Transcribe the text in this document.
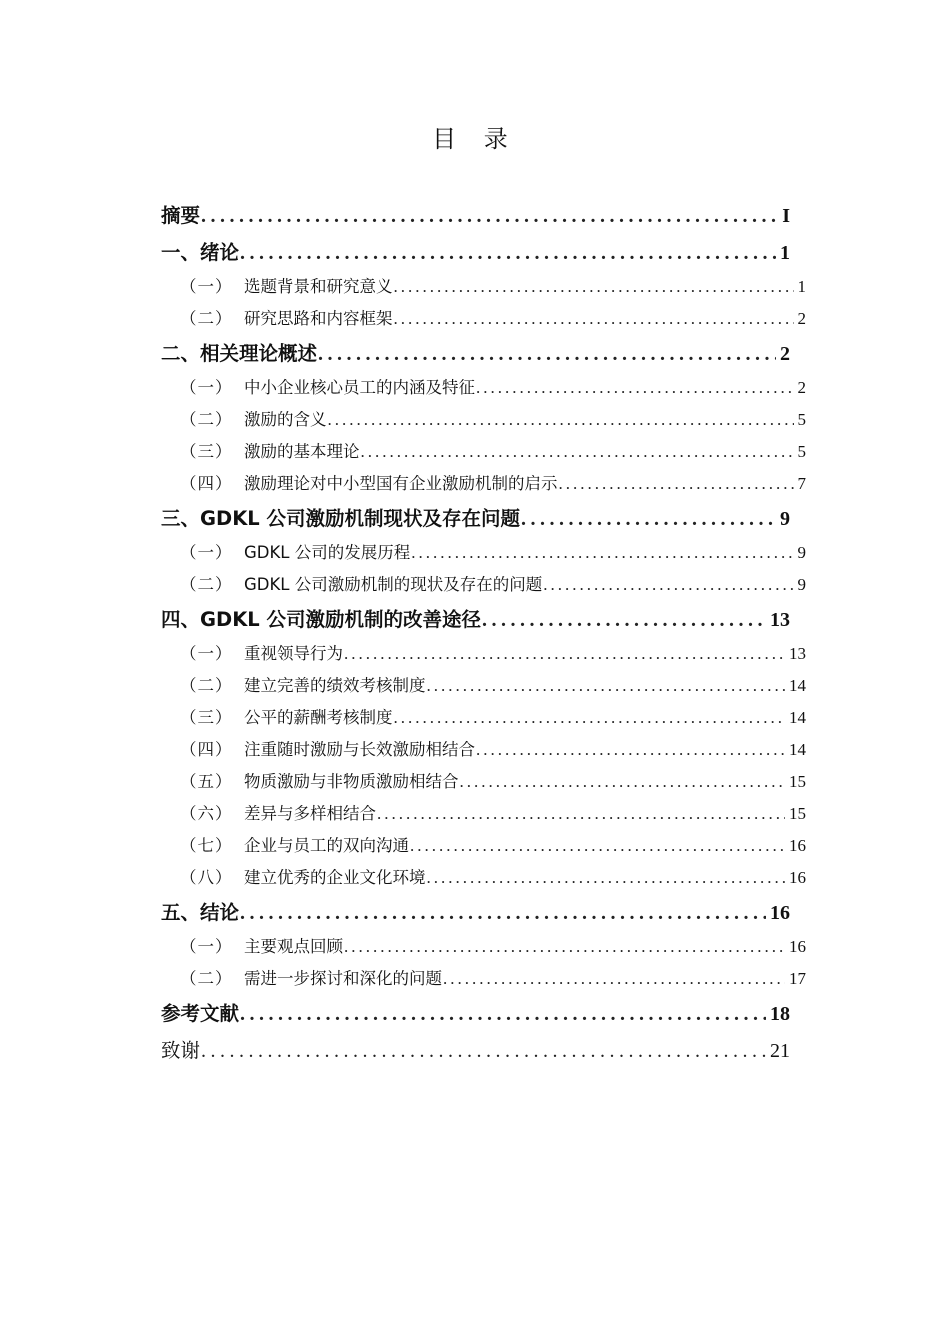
目 录
摘要 .....	I
一、绪论 .....	1
（一） 选题背景和研究意义 .....	1
（二） 研究思路和内容框架 .....	2
二、相关理论概述 .....	2
（一） 中小企业核心员工的内涵及特征 .....	2
（二） 激励的含义 .....	5
（三） 激励的基本理论 .....	5
（四） 激励理论对中小型国有企业激励机制的启示 .....	7
三、GDKL 公司激励机制现状及存在问题 .....	9
（一） GDKL 公司的发展历程 .....	9
（二） GDKL 公司激励机制的现状及存在的问题 .....	9
四、GDKL 公司激励机制的改善途径 .....	13
（一） 重视领导行为 .....	13
（二） 建立完善的绩效考核制度 .....	14
（三） 公平的薪酬考核制度 .....	14
（四） 注重随时激励与长效激励相结合 .....	14
（五） 物质激励与非物质激励相结合 .....	15
（六） 差异与多样相结合 .....	15
（七） 企业与员工的双向沟通 .....	16
（八） 建立优秀的企业文化环境 .....	16
五、结论 .....	16
（一） 主要观点回顾 .....	16
（二） 需进一步探讨和深化的问题 .....	17
参考文献 .....	18
致谢 .....	21
